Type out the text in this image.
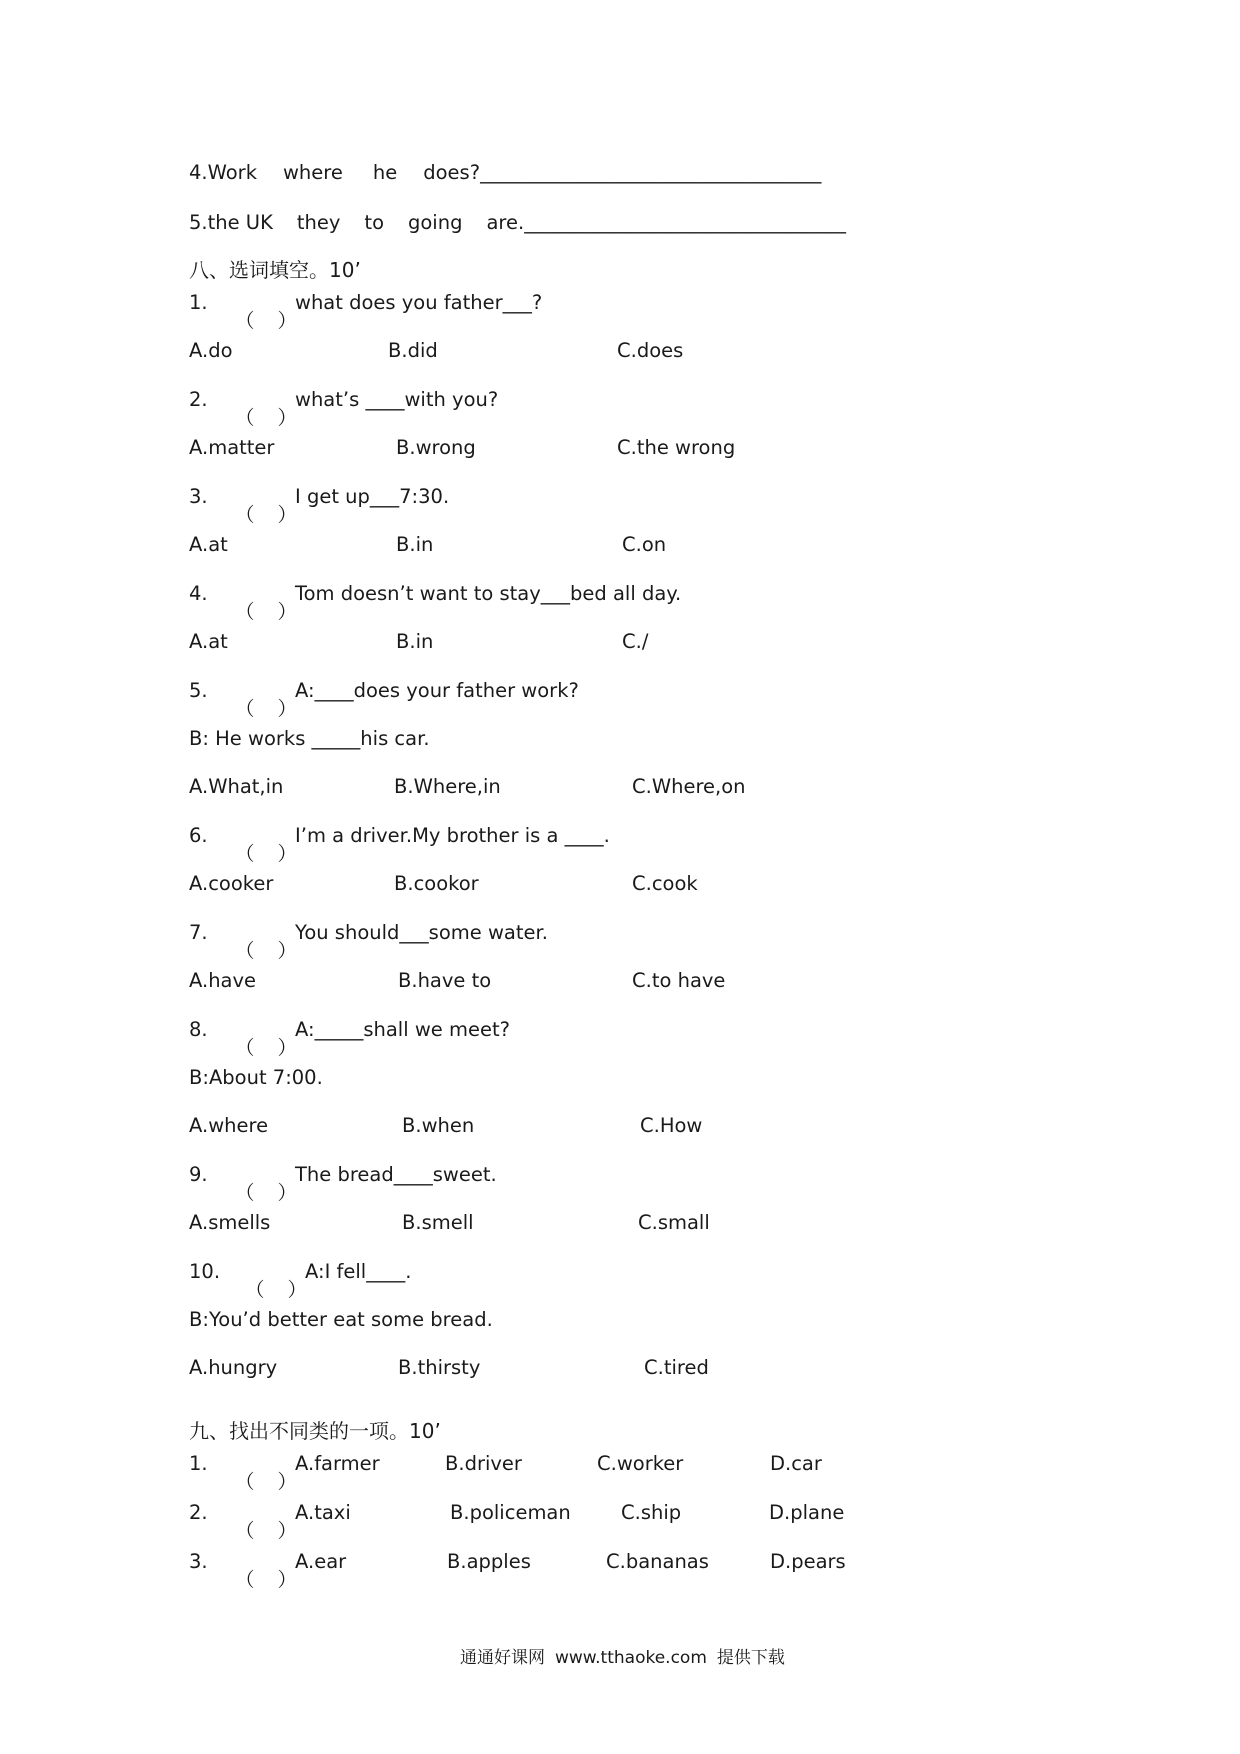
4.Work where he does?___________________________________
5.the UK they to going are._________________________________
八、选词填空。10’
1.	what does you father___?
A.do	B.did	C.does
2.	what’s ____with you?
A.matter	B.wrong	C.the wrong
3.	I get up___7:30.
A.at	B.in	C.on
4.	Tom doesn’t want to stay___bed all day.
A.at	B.in	C./
5.	A:____does your father work?
B: He works _____his car.
A.What,in	B.Where,in	C.Where,on
6.	I’m a driver.My brother is a ____.
A.cooker	B.cookor	C.cook
7.	You should___some water.
A.have	B.have to	C.to have
8.	A:_____shall we meet?
B:About 7:00.
A.where	B.when	C.How
9.	The bread____sweet.
A.smells	B.smell	C.small
10.	A:I fell____.
B:You’d better eat some bread.
A.hungry	B.thirsty	C.tired
九、找出不同类的一项。10’
1.	A.farmer	B.driver	C.worker	D.car
2.	A.taxi	B.policeman	C.ship	D.plane
3.	A.ear	B.apples	C.bananas	D.pears
通通好课网 www.tthaoke.com 提供下载
